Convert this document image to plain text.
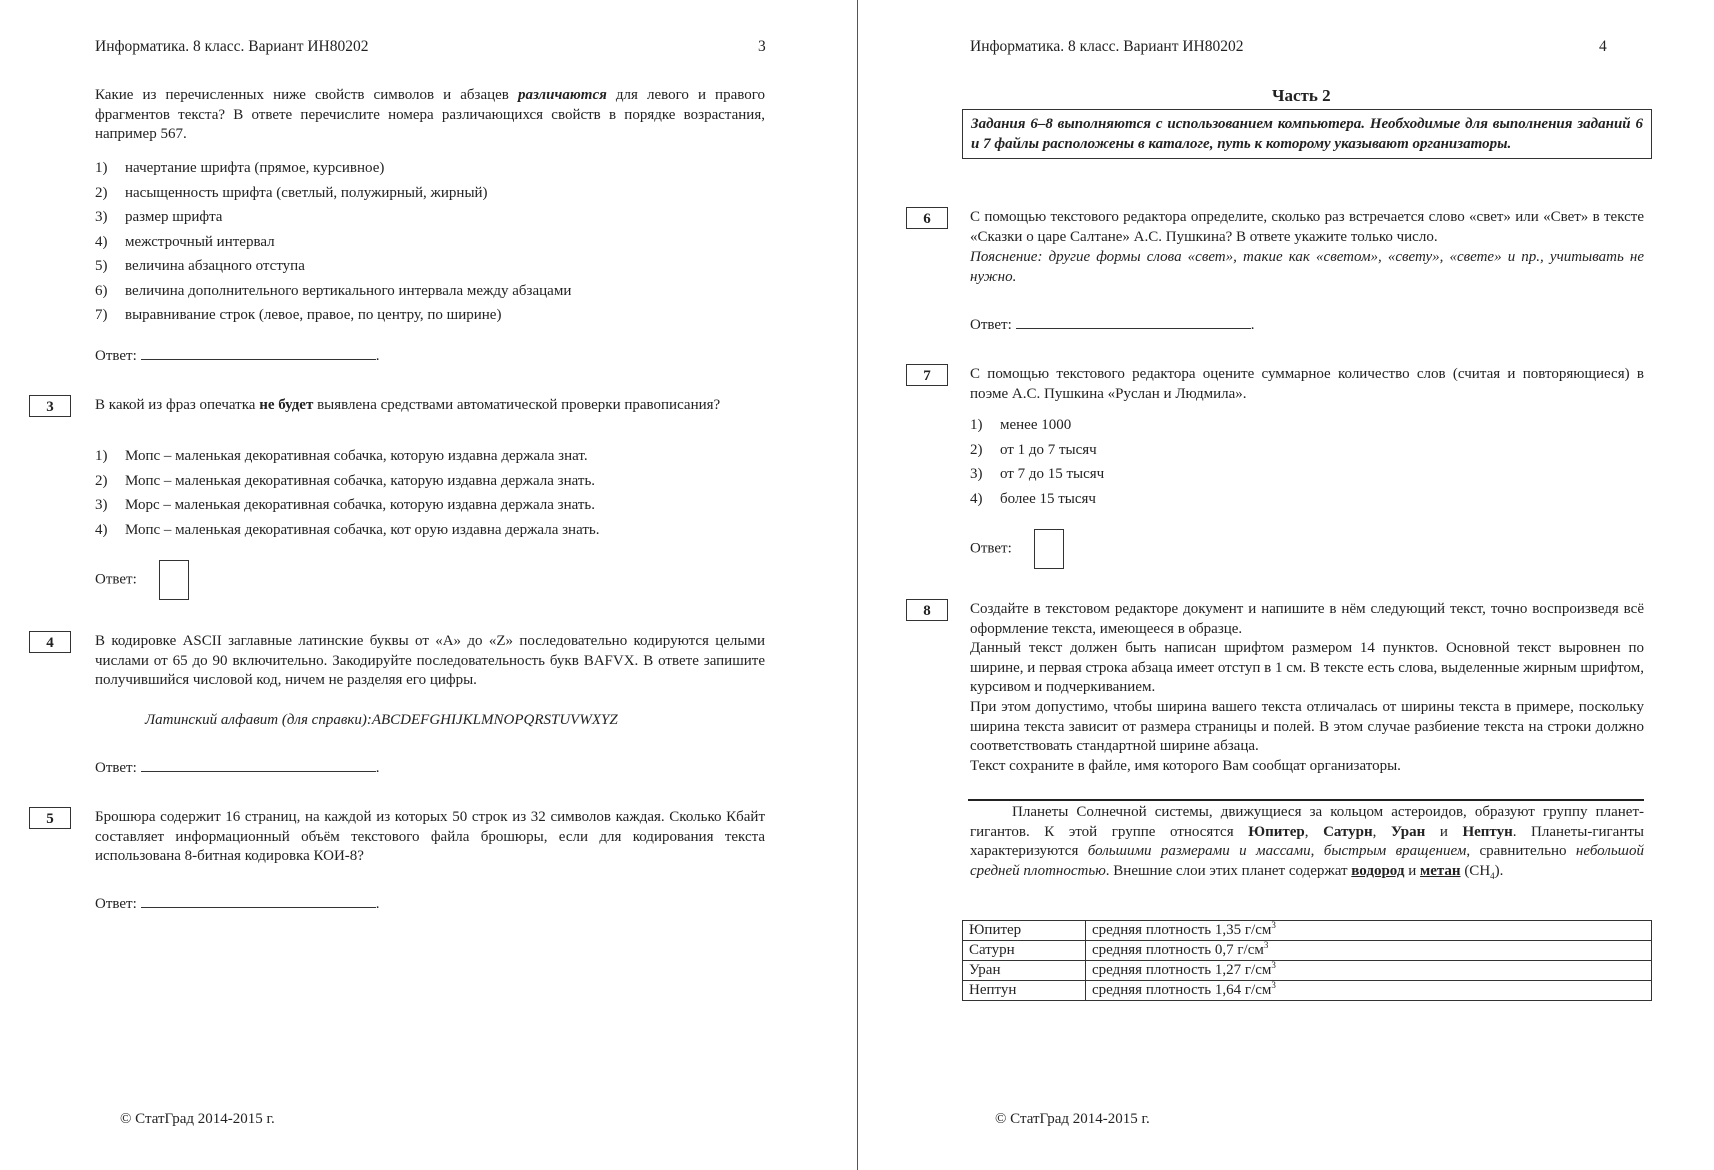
Информатика. 8 класс. Вариант ИН80202	3

Какие из перечисленных ниже свойств символов и абзацев различаются для левого и правого фрагментов текста? В ответе перечислите номера различающихся свойств в порядке возрастания, например 567.

1) начертание шрифта (прямое, курсивное)
2) насыщенность шрифта (светлый, полужирный, жирный)
3) размер шрифта
4) межстрочный интервал
5) величина абзацного отступа
6) величина дополнительного вертикального интервала между абзацами
7) выравнивание строк (левое, правое, по центру, по ширине)
Ответ:	.
3	В какой из фраз опечатка не будет выявлена средствами автоматической проверки правописания?

1) Мопс – маленькая декоративная собачка, которую издавна держала знат.
2) Мопс – маленькая декоративная собачка, каторую издавна держала знать.
3) Морс – маленькая декоративная собачка, которую издавна держала знать.
4) Мопс – маленькая декоративная собачка, кот орую издавна держала знать.
Ответ:
4	В кодировке ASCII заглавные латинские буквы от «A» до «Z» последовательно кодируются целыми числами от 65 до 90 включительно. Закодируйте последовательность букв BAFVX. В ответе запишите получившийся числовой код, ничем не разделяя его цифры.

Латинский алфавит (для справки):ABCDEFGHIJKLMNOPQRSTUVWXYZ
Ответ:	.
5	Брошюра содержит 16 страниц, на каждой из которых 50 строк из 32 символов каждая. Сколько Кбайт составляет информационный объём текстового файла брошюры, если для кодирования текста использована 8-битная кодировка КОИ-8?

Ответ:	.
© СтатГрад 2014-2015 г.
Информатика. 8 класс. Вариант ИН80202	4
Часть 2
Задания 6–8 выполняются с использованием компьютера. Необходимые для выполнения заданий 6 и 7 файлы расположены в каталоге, путь к которому указывают организаторы.
6	С помощью текстового редактора определите, сколько раз встречается слово «свет» или «Свет» в тексте «Сказки о царе Салтане» А.С. Пушкина? В ответе укажите только число.

Пояснение: другие формы слова «свет», такие как «светом», «свету», «свете» и пр., учитывать не нужно.

Ответ:	.
7	С помощью текстового редактора оцените суммарное количество слов (считая и повторяющиеся) в поэме А.С. Пушкина «Руслан и Людмила».

1) менее 1000
2) от 1 до 7 тысяч
3) от 7 до 15 тысяч
4) более 15 тысяч
Ответ:
8	Создайте в текстовом редакторе документ и напишите в нём следующий текст, точно воспроизведя всё оформление текста, имеющееся в образце.

Данный текст должен быть написан шрифтом размером 14 пунктов. Основной текст выровнен по ширине, и первая строка абзаца имеет отступ в 1 см. В тексте есть слова, выделенные жирным шрифтом, курсивом и подчеркиванием.

При этом допустимо, чтобы ширина вашего текста отличалась от ширины текста в примере, поскольку ширина текста зависит от размера страницы и полей. В этом случае разбиение текста на строки должно соответствовать стандартной ширине абзаца.

Текст сохраните в файле, имя которого Вам сообщат организаторы.

Планеты Солнечной системы, движущиеся за кольцом астероидов, образуют группу планет-гигантов. К этой группе относятся Юпитер, Сатурн, Уран и Нептун. Планеты-гиганты характеризуются большими размерами и массами, быстрым вращением, сравнительно небольшой средней плотностью. Внешние слои этих планет содержат водород и метан $(CH_4)$.

Юпитер	средняя плотность 1,35 $г/см^3$
Сатурн	средняя плотность 0,7 $г/см^3$
Уран	средняя плотность 1,27 $г/см^3$
Нептун	средняя плотность 1,64 $г/см^3$
© СтатГрад 2014-2015 г.
